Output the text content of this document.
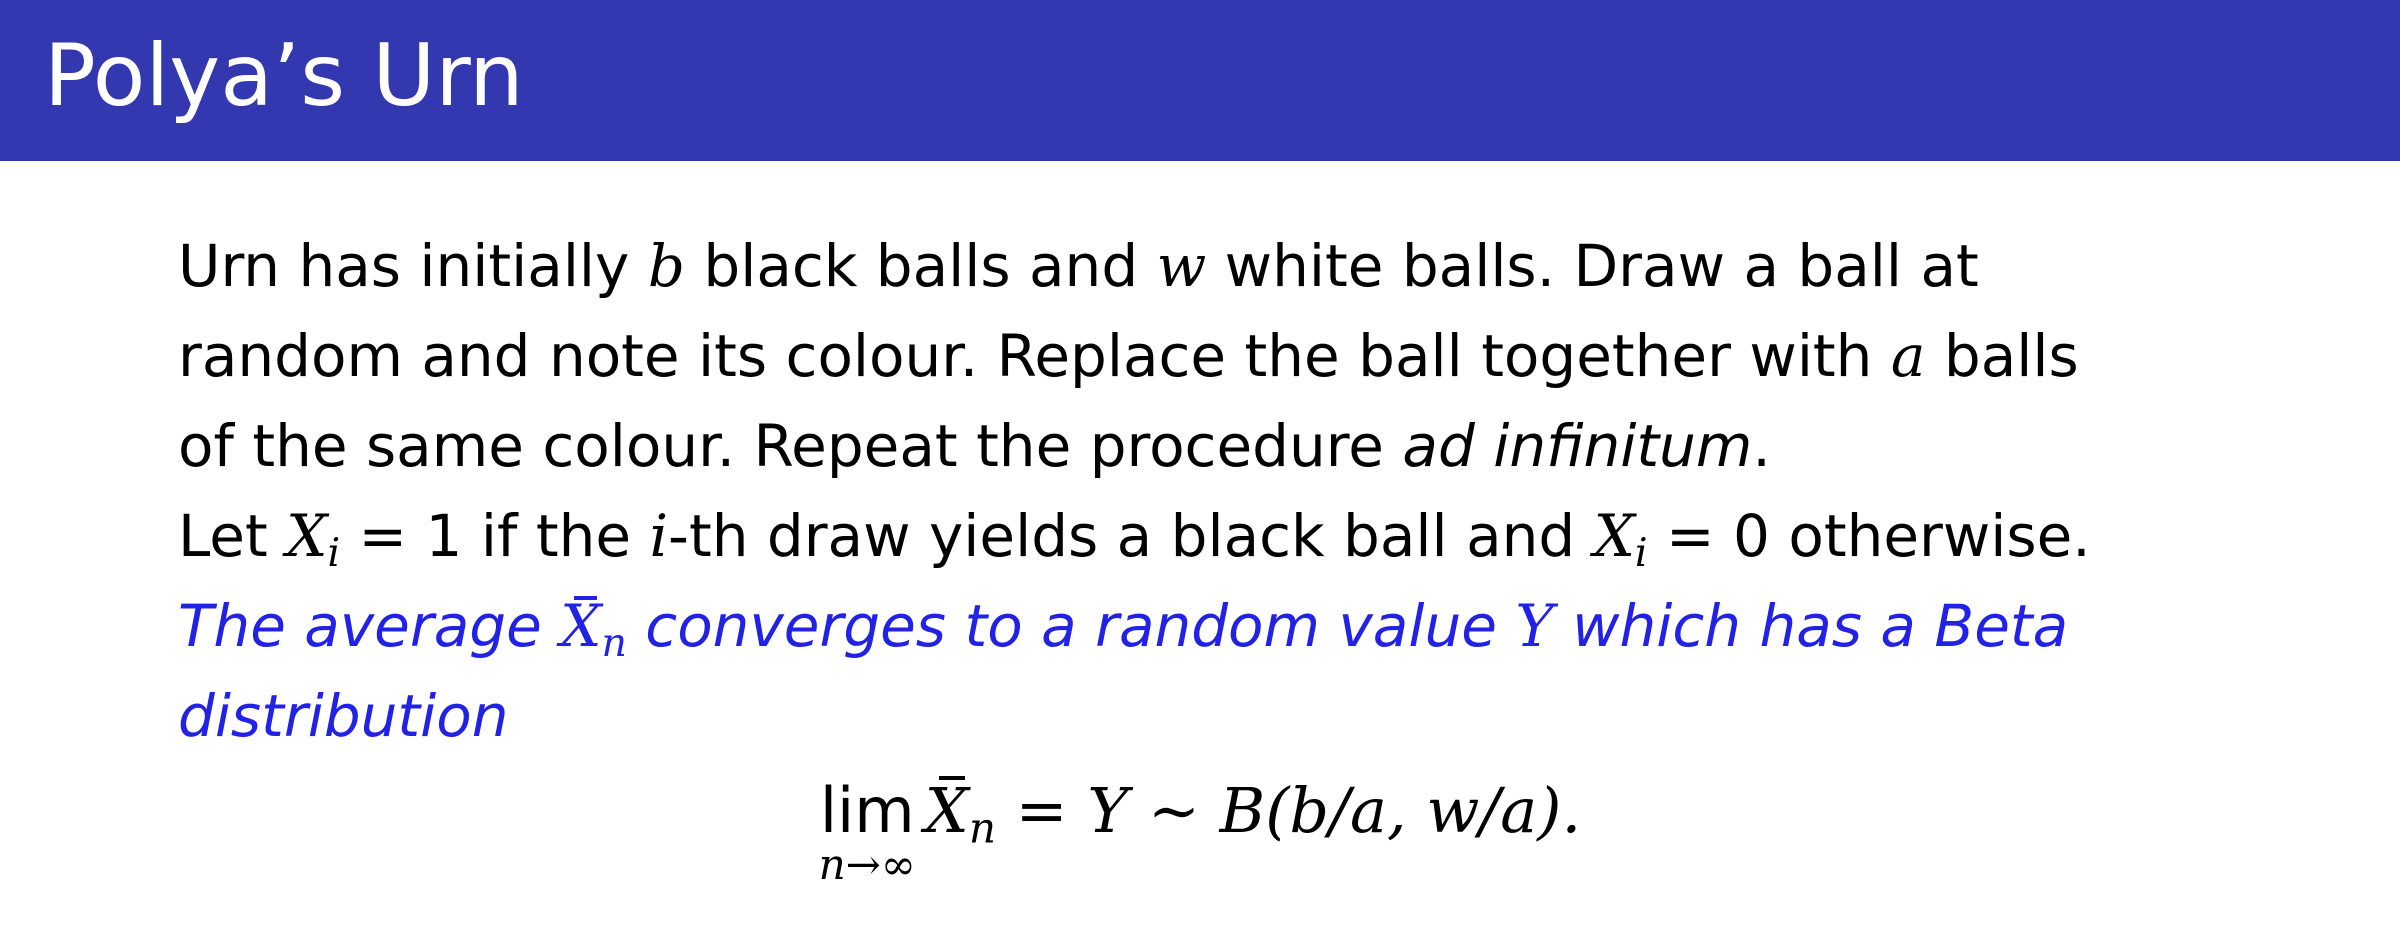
Polya’s Urn
Urn has initially b black balls and w white balls. Draw a ball at
random and note its colour. Replace the ball together with a balls
of the same colour. Repeat the procedure ad infinitum.
Let $X_i = 1$ if the i-th draw yields a black ball and $X_i = 0$ otherwise.
The average $X_n$ converges to a random value Y which has a Beta
distribution
lim
n→∞
$X_n = Y$ ∼ B(b/a, w/a).
